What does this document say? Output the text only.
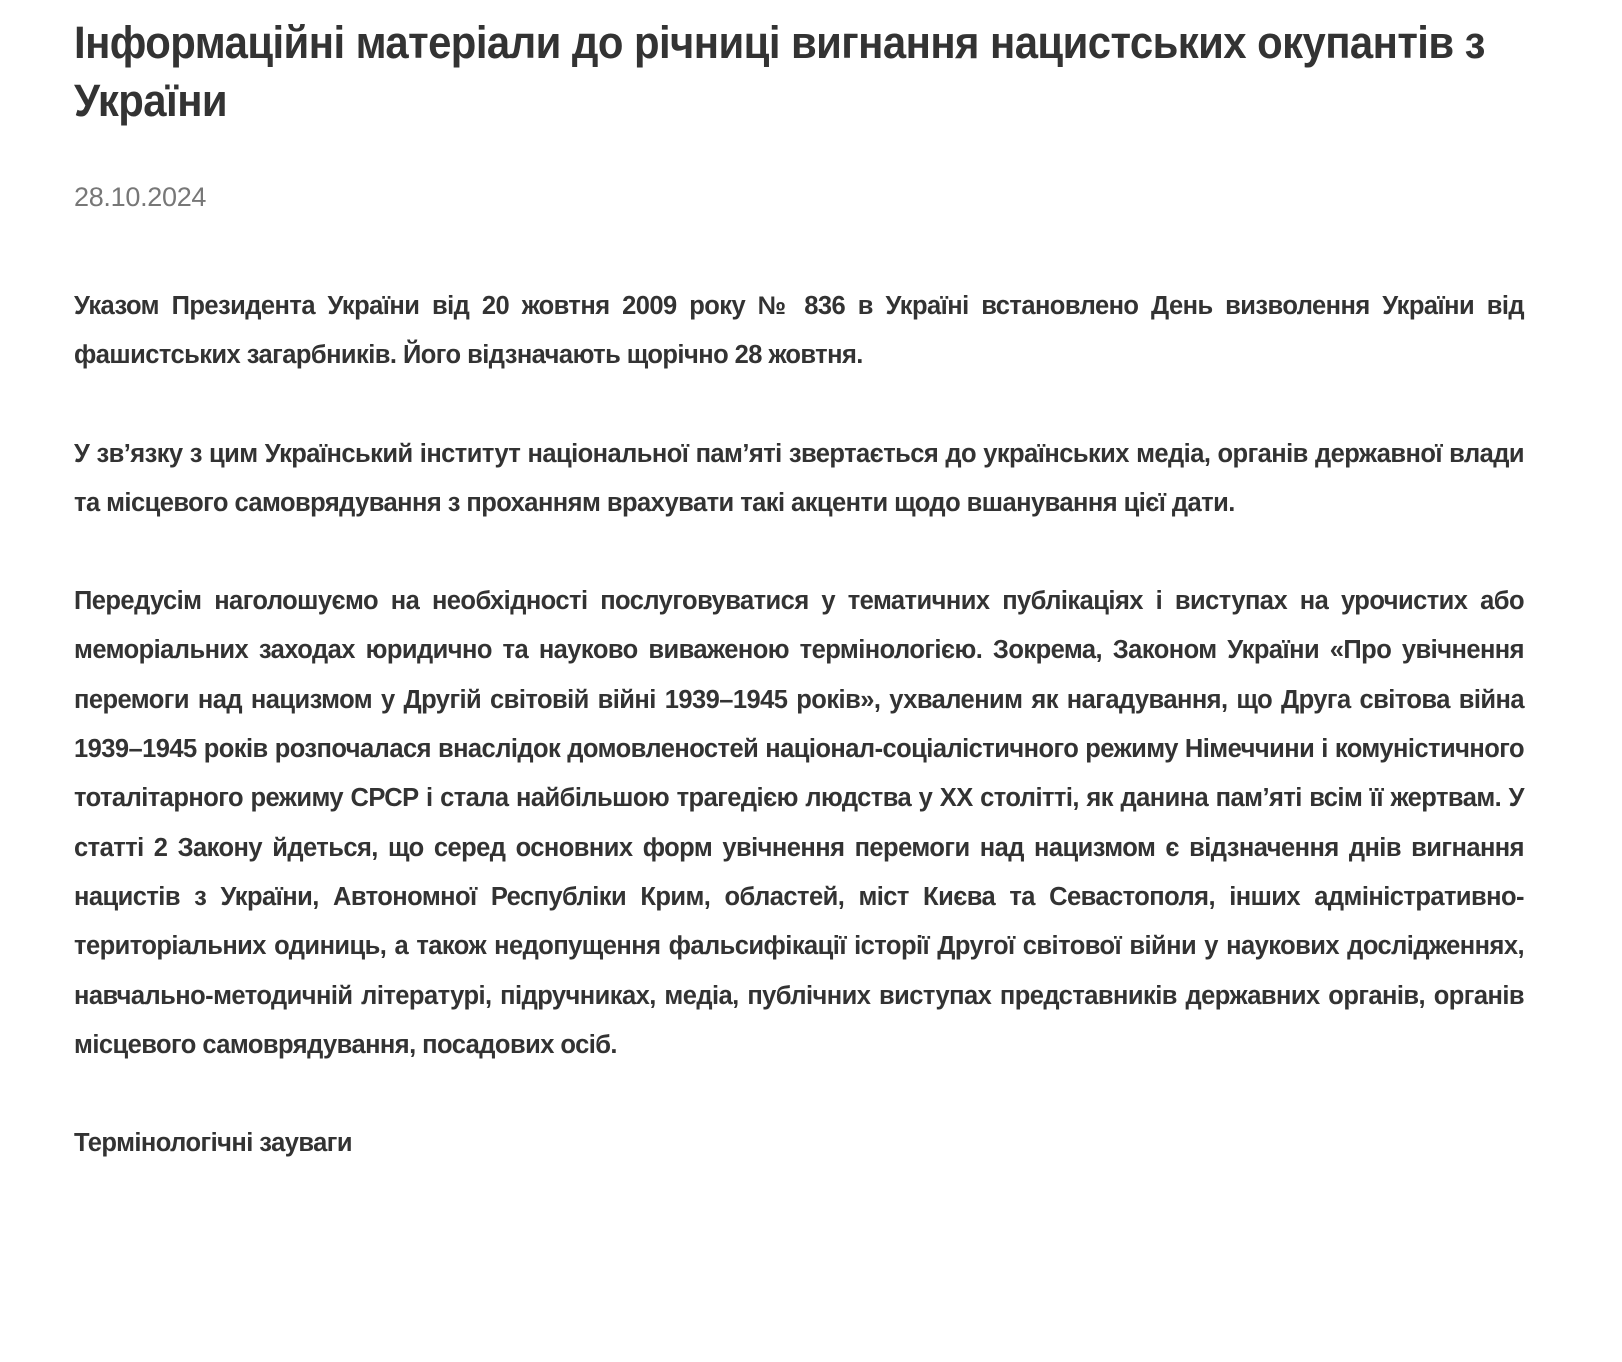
Інформаційні матеріали до річниці вигнання нацистських окупантів з України
28.10.2024

Указом Президента України від 20 жовтня 2009 року № 836 в Україні встановлено День визволення України від фашистських загарбників. Його відзначають щорічно 28 жовтня.

У зв’язку з цим Український інститут національної пам’яті звертається до українських медіа, органів державної влади та місцевого самоврядування з проханням врахувати такі акценти щодо вшанування цієї дати.

Передусім наголошуємо на необхідності послуговуватися у тематичних публікаціях і виступах на урочистих або меморіальних заходах юридично та науково виваженою термінологією. Зокрема, Законом України «Про увічнення перемоги над нацизмом у Другій світовій війні 1939–1945 років», ухваленим як нагадування, що Друга світова війна 1939–1945 років розпочалася внаслідок домовленостей націонал-соціалістичного режиму Німеччини і комуністичного тоталітарного режиму СРСР і стала найбільшою трагедією людства у ХХ столітті, як данина пам’яті всім її жертвам. У статті 2 Закону йдеться, що серед основних форм увічнення перемоги над нацизмом є відзначення днів вигнання нацистів з України, Автономної Республіки Крим, областей, міст Києва та Севастополя, інших адміністративно-територіальних одиниць, а також недопущення фальсифікації історії Другої світової війни у наукових дослідженнях, навчально-методичній літературі, підручниках, медіа, публічних виступах представників державних органів, органів місцевого самоврядування, посадових осіб.

Термінологічні зауваги
